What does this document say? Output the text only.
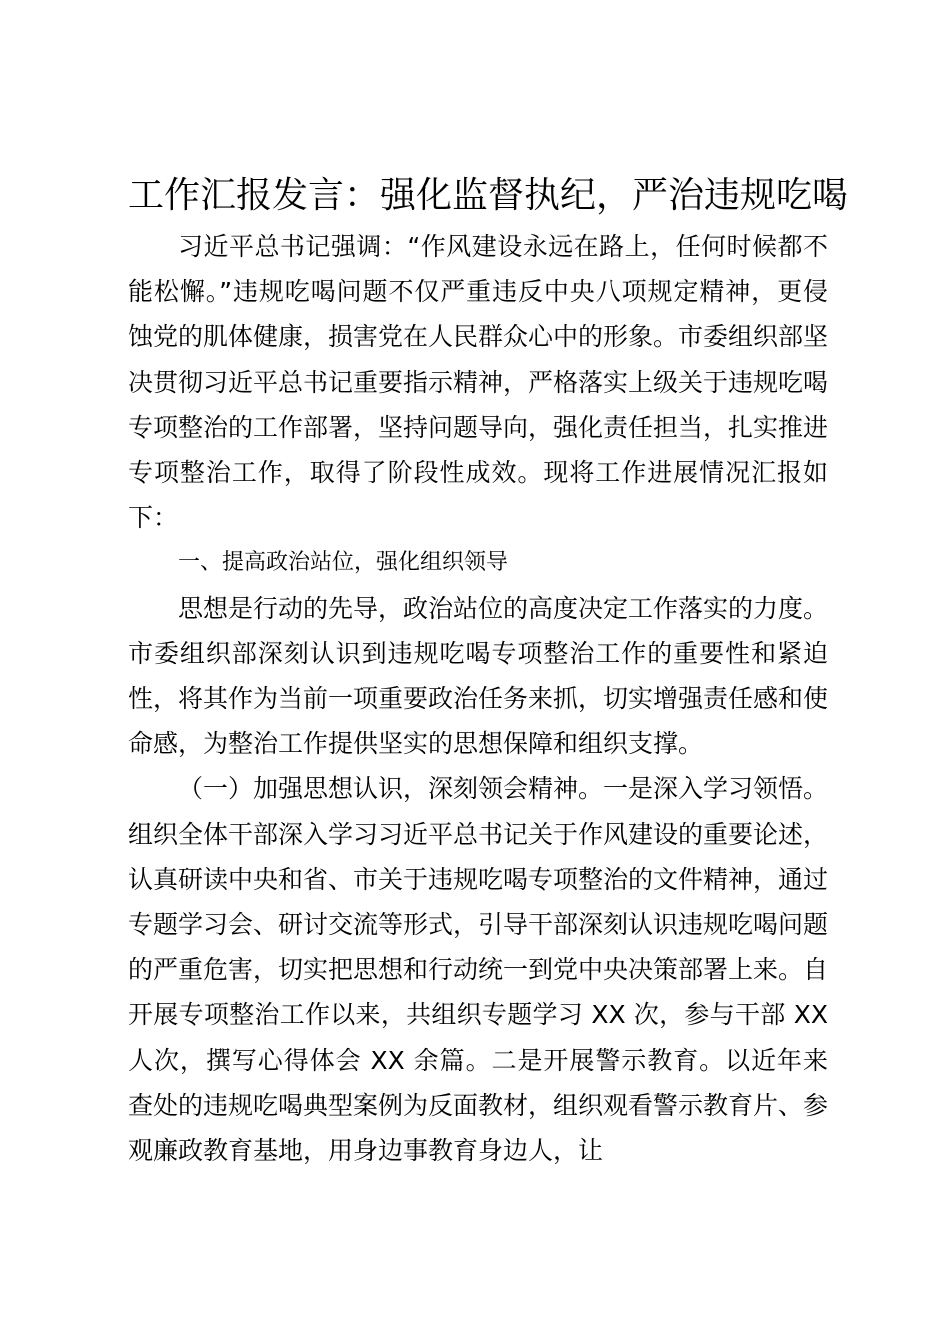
工作汇报发言：强化监督执纪，严治违规吃喝

习近平总书记强调：“作风建设永远在路上，任何时候都不能松懈。”违规吃喝问题不仅严重违反中央八项规定精神，更侵蚀党的肌体健康，损害党在人民群众心中的形象。市委组织部坚决贯彻习近平总书记重要指示精神，严格落实上级关于违规吃喝专项整治的工作部署，坚持问题导向，强化责任担当，扎实推进专项整治工作，取得了阶段性成效。现将工作进展情况汇报如下：

一、提高政治站位，强化组织领导

思想是行动的先导，政治站位的高度决定工作落实的力度。市委组织部深刻认识到违规吃喝专项整治工作的重要性和紧迫性，将其作为当前一项重要政治任务来抓，切实增强责任感和使命感，为整治工作提供坚实的思想保障和组织支撑。

（一）加强思想认识，深刻领会精神。一是深入学习领悟。组织全体干部深入学习习近平总书记关于作风建设的重要论述，认真研读中央和省、市关于违规吃喝专项整治的文件精神，通过专题学习会、研讨交流等形式，引导干部深刻认识违规吃喝问题的严重危害，切实把思想和行动统一到党中央决策部署上来。自开展专项整治工作以来，共组织专题学习 XX 次，参与干部 XX 人次，撰写心得体会 XX 余篇。二是开展警示教育。以近年来查处的违规吃喝典型案例为反面教材，组织观看警示教育片、参观廉政教育基地，用身边事教育身边人，让
